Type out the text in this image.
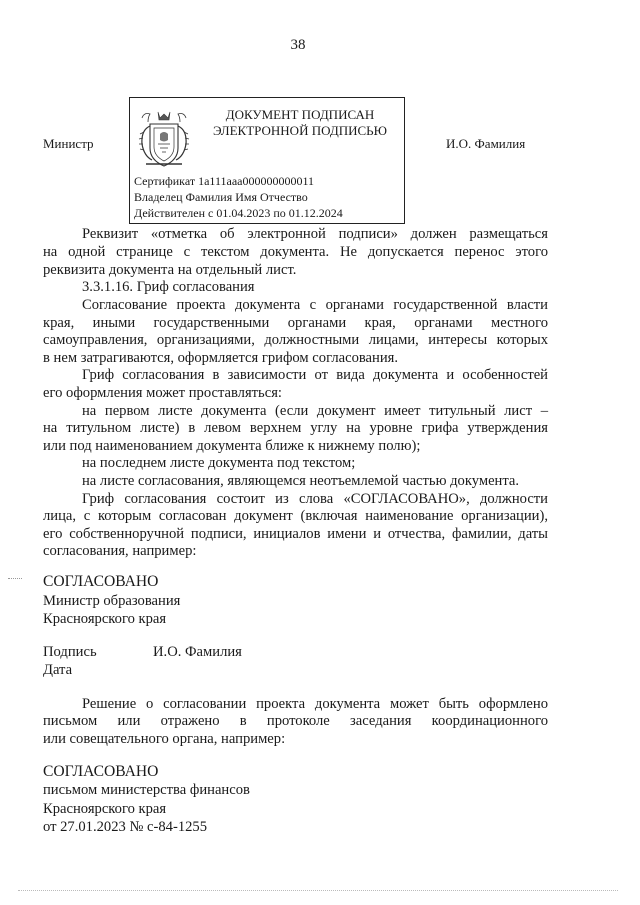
38
Министр	И.О. Фамилия
ДОКУМЕНТ ПОДПИСАН
ЭЛЕКТРОННОЙ ПОДПИСЬЮ
Сертификат 1а111ааа000000000011
Владелец Фамилия Имя Отчество
Действителен с 01.04.2023 по 01.12.2024
Реквизит «отметка об электронной подписи» должен размещаться
на одной странице с текстом документа. Не допускается перенос этого
реквизита документа на отдельный лист.
3.3.1.16. Гриф согласования
Согласование проекта документа с органами государственной власти
края, иными государственными органами края, органами местного
самоуправления, организациями, должностными лицами, интересы которых
в нем затрагиваются, оформляется грифом согласования.
Гриф согласования в зависимости от вида документа и особенностей
его оформления может проставляться:
на первом листе документа (если документ имеет титульный лист –
на титульном листе) в левом верхнем углу на уровне грифа утверждения
или под наименованием документа ближе к нижнему полю);
на последнем листе документа под текстом;
на листе согласования, являющемся неотъемлемой частью документа.
Гриф согласования состоит из слова «СОГЛАСОВАНО», должности
лица, с которым согласован документ (включая наименование организации),
его собственноручной подписи, инициалов имени и отчества, фамилии, даты
согласования, например:
СОГЛАСОВАНО
Министр образования
Красноярского края
Подпись	И.О. Фамилия
Дата
Решение о согласовании проекта документа может быть оформлено
письмом или отражено в протоколе заседания координационного
или совещательного органа, например:
СОГЛАСОВАНО
письмом министерства финансов
Красноярского края
от 27.01.2023 № с-84-1255
